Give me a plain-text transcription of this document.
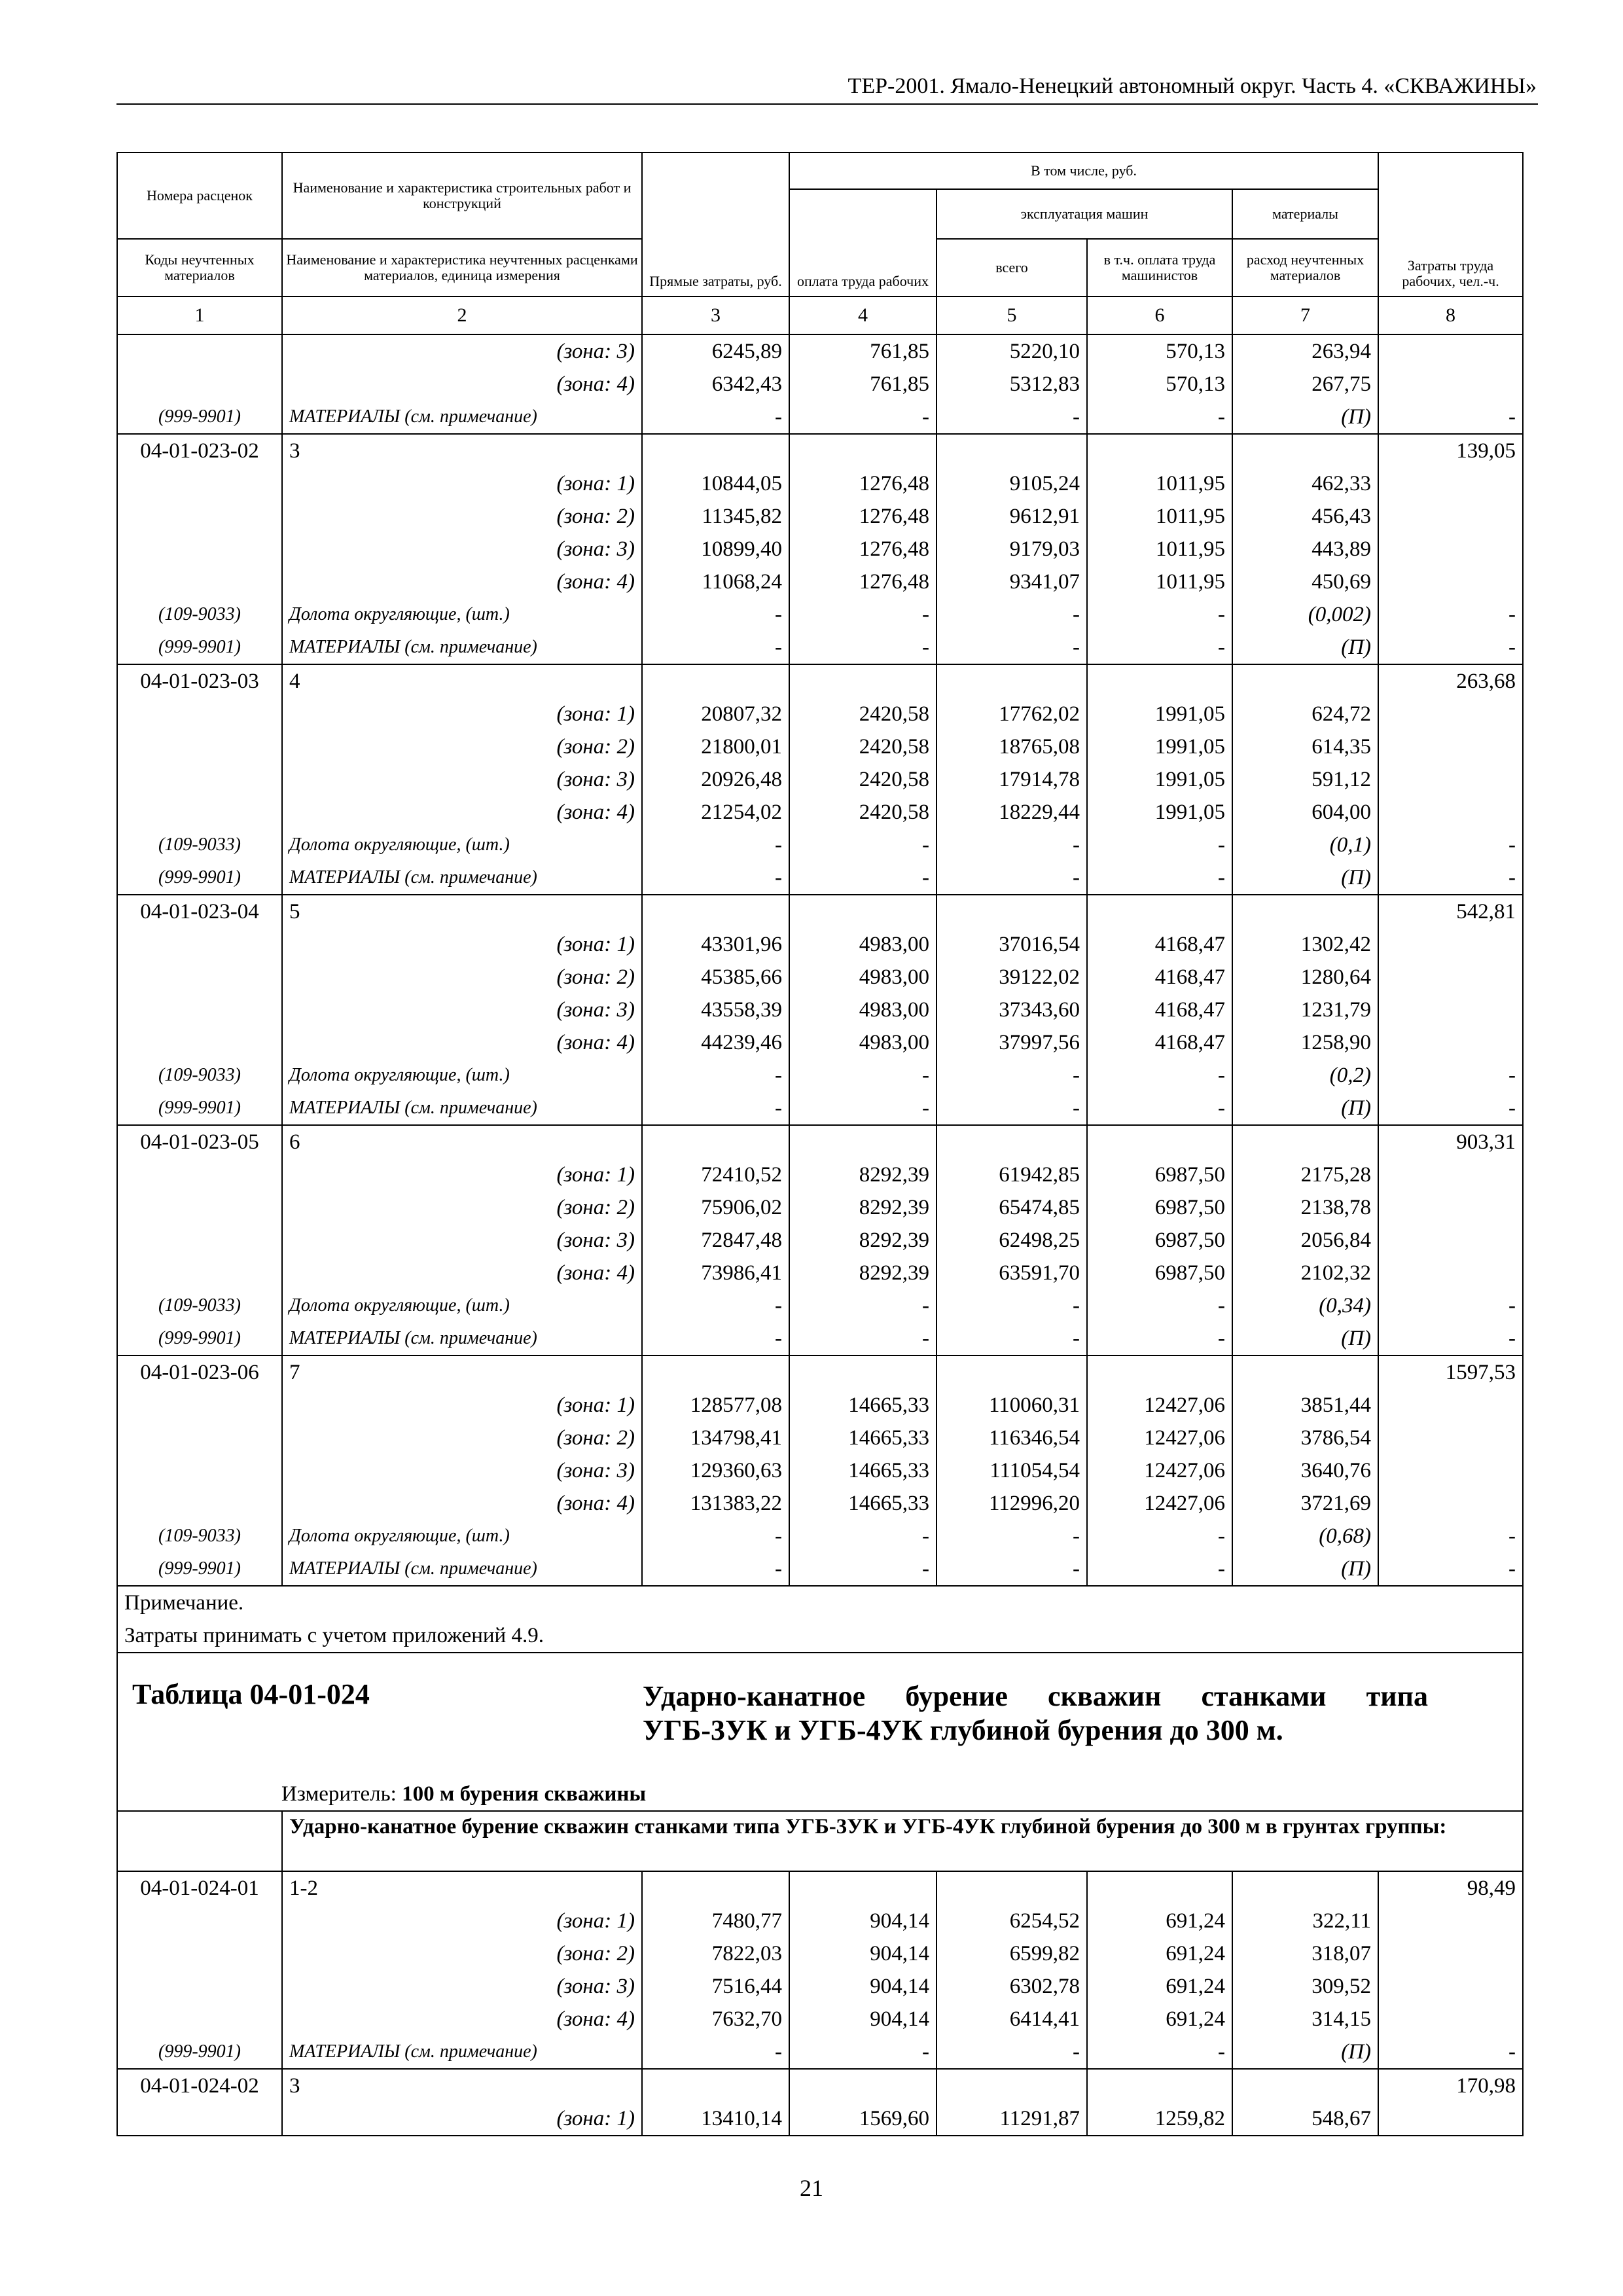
ТЕР-2001. Ямало-Ненецкий автономный округ. Часть 4. «СКВАЖИНЫ»
Номера расценок	Наименование и характеристика строительных работ и конструкций	Прямые затраты, руб.	В том числе, руб.				Затраты труда рабочих, чел.-ч.
			оплата труда рабочих	эксплуатация машин		материалы	
Коды неучтенных материалов	Наименование и характеристика неучтенных расценками материалов, единица измерения			всего	в т.ч. оплата труда машинистов	расход неучтенных материалов	
1	2	3	4	5	6	7	8
	(зона: 3)	6245,89	761,85	5220,10	570,13	263,94	
	(зона: 4)	6342,43	761,85	5312,83	570,13	267,75	
(999-9901)	МАТЕРИАЛЫ (см. примечание)	-	-	-	-	(П)	-
04-01-023-02	3						139,05
	(зона: 1)	10844,05	1276,48	9105,24	1011,95	462,33	
	(зона: 2)	11345,82	1276,48	9612,91	1011,95	456,43	
	(зона: 3)	10899,40	1276,48	9179,03	1011,95	443,89	
	(зона: 4)	11068,24	1276,48	9341,07	1011,95	450,69	
(109-9033)	Долота округляющие, (шт.)	-	-	-	-	(0,002)	-
(999-9901)	МАТЕРИАЛЫ (см. примечание)	-	-	-	-	(П)	-
04-01-023-03	4						263,68
	(зона: 1)	20807,32	2420,58	17762,02	1991,05	624,72	
	(зона: 2)	21800,01	2420,58	18765,08	1991,05	614,35	
	(зона: 3)	20926,48	2420,58	17914,78	1991,05	591,12	
	(зона: 4)	21254,02	2420,58	18229,44	1991,05	604,00	
(109-9033)	Долота округляющие, (шт.)	-	-	-	-	(0,1)	-
(999-9901)	МАТЕРИАЛЫ (см. примечание)	-	-	-	-	(П)	-
04-01-023-04	5						542,81
	(зона: 1)	43301,96	4983,00	37016,54	4168,47	1302,42	
	(зона: 2)	45385,66	4983,00	39122,02	4168,47	1280,64	
	(зона: 3)	43558,39	4983,00	37343,60	4168,47	1231,79	
	(зона: 4)	44239,46	4983,00	37997,56	4168,47	1258,90	
(109-9033)	Долота округляющие, (шт.)	-	-	-	-	(0,2)	-
(999-9901)	МАТЕРИАЛЫ (см. примечание)	-	-	-	-	(П)	-
04-01-023-05	6						903,31
	(зона: 1)	72410,52	8292,39	61942,85	6987,50	2175,28	
	(зона: 2)	75906,02	8292,39	65474,85	6987,50	2138,78	
	(зона: 3)	72847,48	8292,39	62498,25	6987,50	2056,84	
	(зона: 4)	73986,41	8292,39	63591,70	6987,50	2102,32	
(109-9033)	Долота округляющие, (шт.)	-	-	-	-	(0,34)	-
(999-9901)	МАТЕРИАЛЫ (см. примечание)	-	-	-	-	(П)	-
04-01-023-06	7						1597,53
	(зона: 1)	128577,08	14665,33	110060,31	12427,06	3851,44	
	(зона: 2)	134798,41	14665,33	116346,54	12427,06	3786,54	
	(зона: 3)	129360,63	14665,33	111054,54	12427,06	3640,76	
	(зона: 4)	131383,22	14665,33	112996,20	12427,06	3721,69	
(109-9033)	Долота округляющие, (шт.)	-	-	-	-	(0,68)	-
(999-9901)	МАТЕРИАЛЫ (см. примечание)	-	-	-	-	(П)	-
Примечание.							
Затраты принимать с учетом приложений 4.9.							
Таблица 04-01-024 Ударно-канатное бурение скважин станками типа УГБ-3УК и УГБ-4УК глубиной бурения до 300 м.							
Измеритель: 100 м бурения скважины							
	Ударно-канатное бурение скважин станками типа УГБ-3УК и УГБ-4УК глубиной бурения до 300 м в грунтах группы:						
04-01-024-01	1-2						98,49
	(зона: 1)	7480,77	904,14	6254,52	691,24	322,11	
	(зона: 2)	7822,03	904,14	6599,82	691,24	318,07	
	(зона: 3)	7516,44	904,14	6302,78	691,24	309,52	
	(зона: 4)	7632,70	904,14	6414,41	691,24	314,15	
(999-9901)	МАТЕРИАЛЫ (см. примечание)	-	-	-	-	(П)	-
04-01-024-02	3						170,98
	(зона: 1)	13410,14	1569,60	11291,87	1259,82	548,67	
21
